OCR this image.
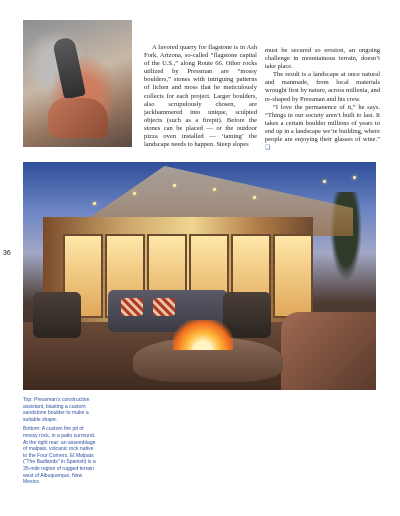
A favored quarry for flagstone is in Ash Fork, Arizona, so-called “flagstone capital of the U.S.,” along Route 66. Other rocks utilized by Pressman are “mossy boulders,” stones with intriguing patterns of lichen and moss that he meticulously collects for each project. Larger boulders, also scrupulously chosen, are jackhammered into unique, sculpted objects (such as a firepit). Before the stones can be placed — or the outdoor pizza oven installed — ‘taming’ the landscape needs to happen. Steep slopes

must be secured so erosion, an ongoing challenge in mountainous terrain, doesn’t take place.

The result is a landscape at once natural and manmade, from local materials wrought first by nature, across millenia, and re-shaped by Pressman and his crew.

“I love the permanence of it,” he says. “Things in our society aren’t built to last. It takes a certain boulder millions of years to end up in a landscape we’re building, where people are enjoying their glasses of wine.” ❑

36

Top: Pressman’s construction assistant, blasting a custom sandstone boulder to make a suitable shape.

Bottom: A custom fire pit of mossy rock, in a patio surround. At the right rear: an assemblage of malpais, volcanic rock native to the Four Corners. El Malpais (“The Badlands” in Spanish) is a 35-mile region of rugged terrain west of Albuquerque, New Mexico.
